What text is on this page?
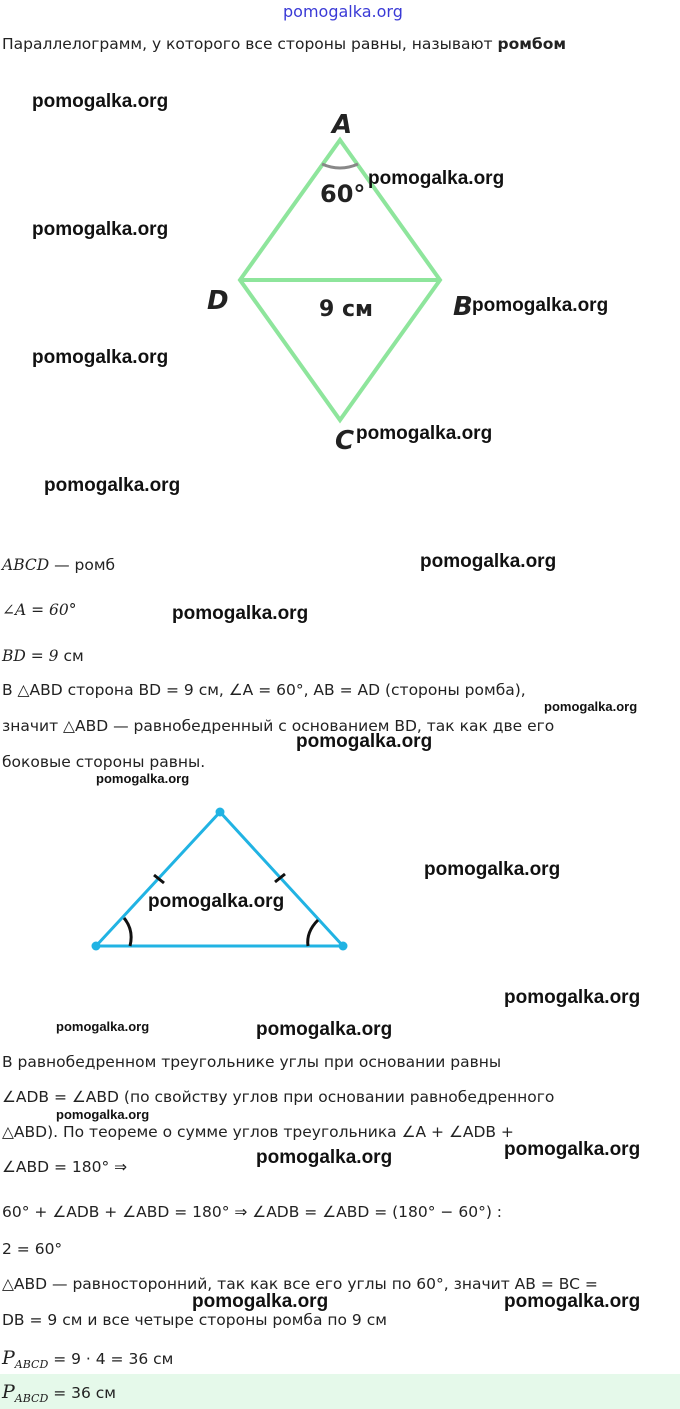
pomogalka.org
Параллелограмм, у которого все стороны равны, называют ромбом
A
60°
D	9 см	B
C
ABCD — ромб
∠A = 60°
BD = 9 см
В △ABD сторона BD = 9 см, ∠A = 60°, AB = AD (стороны ромба),
значит △ABD — равнобедренный с основанием BD, так как две его
боковые стороны равны.
В равнобедренном треугольнике углы при основании равны
∠ADB = ∠ABD (по свойству углов при основании равнобедренного
△ABD). По теореме о сумме углов треугольника ∠A + ∠ADB +
∠ABD = 180° ⇒
60° + ∠ADB + ∠ABD = 180° ⇒ ∠ADB = ∠ABD = (180° − 60°) :
2 = 60°
△ABD — равносторонний, так как все его углы по 60°, значит AB = BC =
DB = 9 см и все четыре стороны ромба по 9 см
$P_{ABCD} = 9 \cdot 4 = 36$ см
$P_{ABCD} = 36$ см
pomogalka.org
pomogalka.org
pomogalka.org
pomogalka.org
pomogalka.org
pomogalka.org
pomogalka.org
pomogalka.org
pomogalka.org
pomogalka.org
pomogalka.org
pomogalka.org
pomogalka.org
pomogalka.org
pomogalka.org
pomogalka.org	pomogalka.org
pomogalka.org
pomogalka.org
pomogalka.org
pomogalka.org	pomogalka.org
